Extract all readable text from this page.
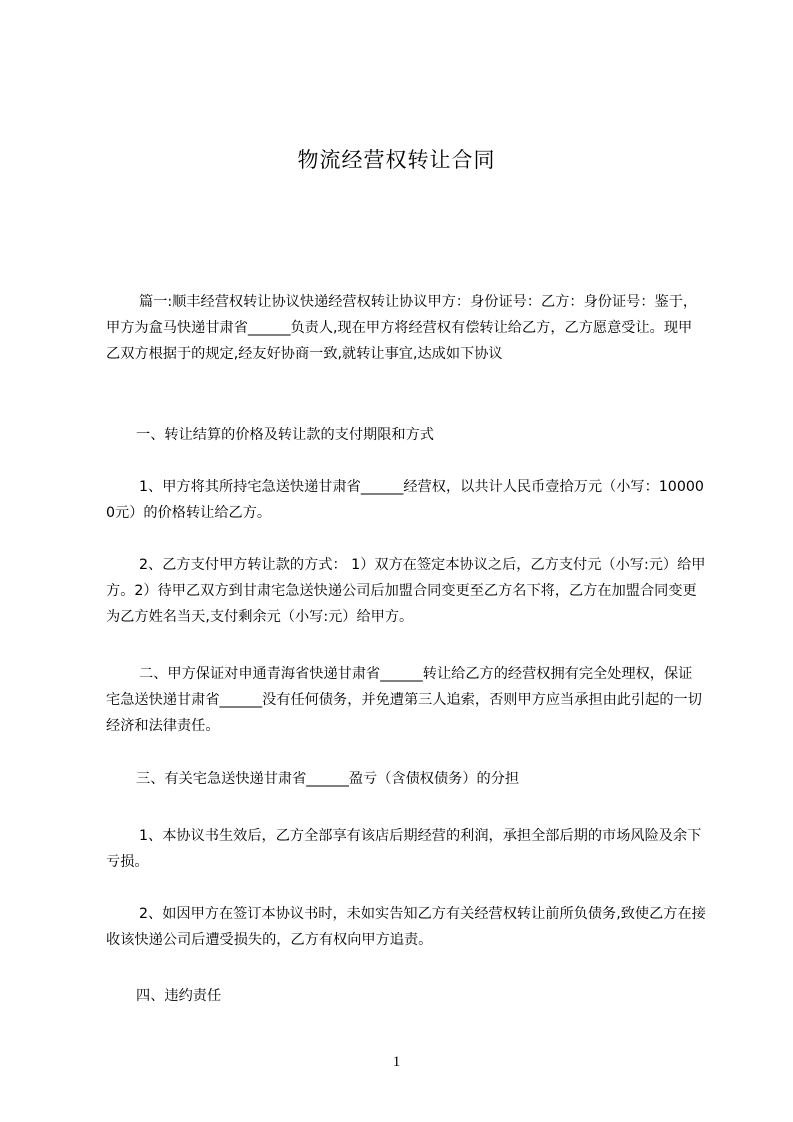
物流经营权转让合同

篇一:顺丰经营权转让协议快递经营权转让协议甲方：身份证号：乙方：身份证号：鉴于，甲方为盒马快递甘肃省______负责人,现在甲方将经营权有偿转让给乙方，乙方愿意受让。现甲乙双方根据于的规定,经友好协商一致,就转让事宜,达成如下协议

一、转让结算的价格及转让款的支付期限和方式

1、甲方将其所持宅急送快递甘肃省______经营权，以共计人民币壹拾万元（小写：100000元）的价格转让给乙方。

2、乙方支付甲方转让款的方式： 1）双方在签定本协议之后，乙方支付元（小写:元）给甲方。2）待甲乙双方到甘肃宅急送快递公司后加盟合同变更至乙方名下将，乙方在加盟合同变更为乙方姓名当天,支付剩余元（小写:元）给甲方。

二、甲方保证对申通青海省快递甘肃省______转让给乙方的经营权拥有完全处理权，保证宅急送快递甘肃省______没有任何债务，并免遭第三人追索，否则甲方应当承担由此引起的一切经济和法律责任。

三、有关宅急送快递甘肃省______盈亏（含债权债务）的分担

1、本协议书生效后，乙方全部享有该店后期经营的利润，承担全部后期的市场风险及余下亏损。

2、如因甲方在签订本协议书时，未如实告知乙方有关经营权转让前所负债务,致使乙方在接收该快递公司后遭受损失的，乙方有权向甲方追责。

四、违约责任

1
